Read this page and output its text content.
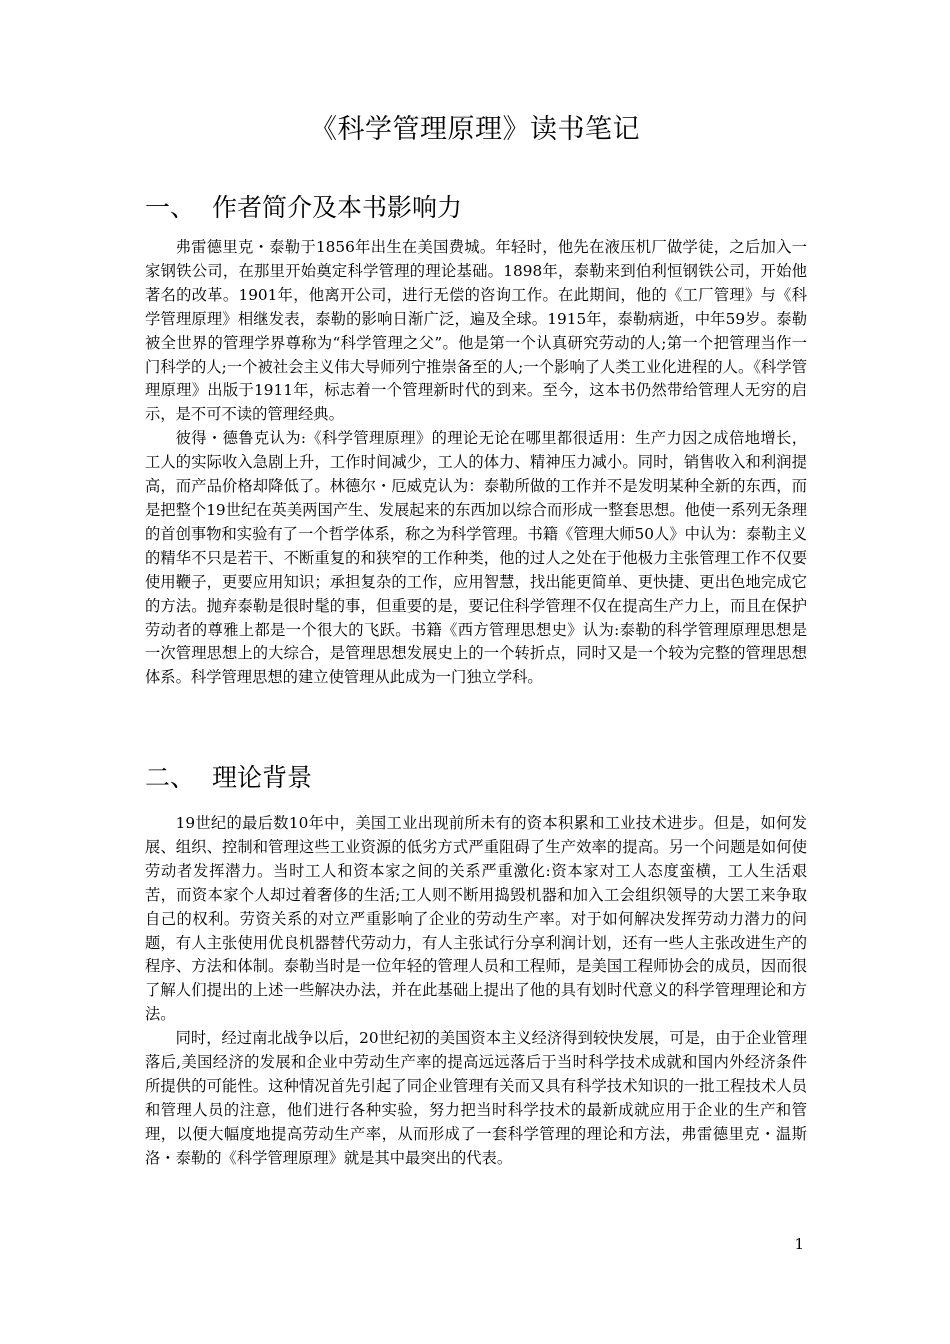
《科学管理原理》读书笔记
一、 作者简介及本书影响力

弗雷德里克・泰勒于1856年出生在美国费城。年轻时，他先在液压机厂做学徒，之后加入一家钢铁公司，在那里开始奠定科学管理的理论基础。1898年，泰勒来到伯利恒钢铁公司，开始他著名的改革。1901年，他离开公司，进行无偿的咨询工作。在此期间，他的《工厂管理》与《科学管理原理》相继发表，泰勒的影响日渐广泛，遍及全球。1915年，泰勒病逝，中年59岁。泰勒被全世界的管理学界尊称为“科学管理之父”。他是第一个认真研究劳动的人;第一个把管理当作一门科学的人;一个被社会主义伟大导师列宁推崇备至的人;一个影响了人类工业化进程的人。《科学管理原理》出版于1911年，标志着一个管理新时代的到来。至今，这本书仍然带给管理人无穷的启示，是不可不读的管理经典。

彼得・德鲁克认为:《科学管理原理》的理论无论在哪里都很适用：生产力因之成倍地增长，工人的实际收入急剧上升，工作时间减少，工人的体力、精神压力减小。同时，销售收入和利润提高，而产品价格却降低了。林德尔・厄威克认为：泰勒所做的工作并不是发明某种全新的东西，而是把整个19世纪在英美两国产生、发展起来的东西加以综合而形成一整套思想。他使一系列无条理的首创事物和实验有了一个哲学体系，称之为科学管理。书籍《管理大师50人》中认为：泰勒主义的精华不只是若干、不断重复的和狭窄的工作种类，他的过人之处在于他极力主张管理工作不仅要使用鞭子，更要应用知识；承担复杂的工作，应用智慧，找出能更简单、更快捷、更出色地完成它的方法。抛弃泰勒是很时髦的事，但重要的是，要记住科学管理不仅在提高生产力上，而且在保护劳动者的尊雅上都是一个很大的飞跃。书籍《西方管理思想史》认为:泰勒的科学管理原理思想是一次管理思想上的大综合，是管理思想发展史上的一个转折点，同时又是一个较为完整的管理思想体系。科学管理思想的建立使管理从此成为一门独立学科。

二、 理论背景

19世纪的最后数10年中，美国工业出现前所未有的资本积累和工业技术进步。但是，如何发展、组织、控制和管理这些工业资源的低劣方式严重阻碍了生产效率的提高。另一个问题是如何使劳动者发挥潜力。当时工人和资本家之间的关系严重激化:资本家对工人态度蛮横，工人生活艰苦，而资本家个人却过着奢侈的生活;工人则不断用捣毁机器和加入工会组织领导的大罢工来争取自己的权利。劳资关系的对立严重影响了企业的劳动生产率。对于如何解决发挥劳动力潜力的问题，有人主张使用优良机器替代劳动力，有人主张试行分享利润计划，还有一些人主张改进生产的程序、方法和体制。泰勒当时是一位年轻的管理人员和工程师，是美国工程师协会的成员，因而很了解人们提出的上述一些解决办法，并在此基础上提出了他的具有划时代意义的科学管理理论和方法。

同时，经过南北战争以后，20世纪初的美国资本主义经济得到较快发展，可是，由于企业管理落后,美国经济的发展和企业中劳动生产率的提高远远落后于当时科学技术成就和国内外经济条件所提供的可能性。这种情况首先引起了同企业管理有关而又具有科学技术知识的一批工程技术人员和管理人员的注意，他们进行各种实验，努力把当时科学技术的最新成就应用于企业的生产和管理，以便大幅度地提高劳动生产率，从而形成了一套科学管理的理论和方法，弗雷德里克・温斯洛・泰勒的《科学管理原理》就是其中最突出的代表。

1
